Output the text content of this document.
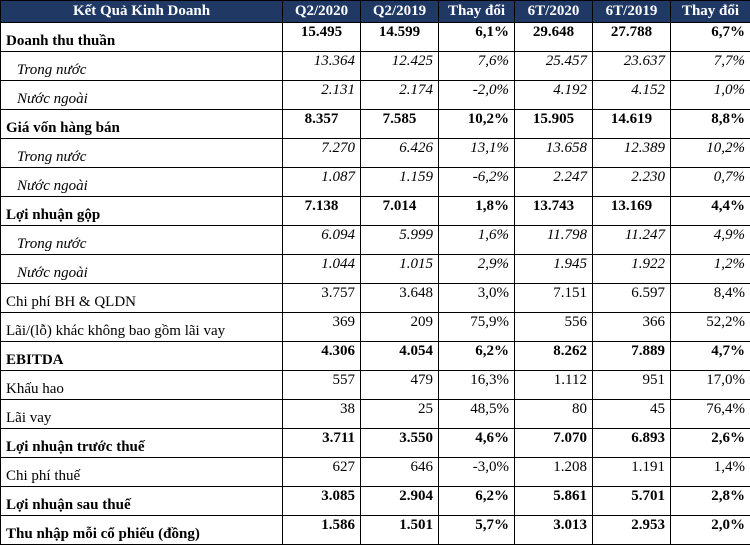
Kết Quả Kinh Doanh	Q2/2020	Q2/2019	Thay đổi	6T/2020	6T/2019	Thay đổi
Doanh thu thuần	15.495	14.599	6,1%	29.648	27.788	6,7%
Trong nước	13.364	12.425	7,6%	25.457	23.637	7,7%
Nước ngoài	2.131	2.174	-2,0%	4.192	4.152	1,0%
Giá vốn hàng bán	8.357	7.585	10,2%	15.905	14.619	8,8%
Trong nước	7.270	6.426	13,1%	13.658	12.389	10,2%
Nước ngoài	1.087	1.159	-6,2%	2.247	2.230	0,7%
Lợi nhuận gộp	7.138	7.014	1,8%	13.743	13.169	4,4%
Trong nước	6.094	5.999	1,6%	11.798	11.247	4,9%
Nước ngoài	1.044	1.015	2,9%	1.945	1.922	1,2%
Chi phí BH & QLDN	3.757	3.648	3,0%	7.151	6.597	8,4%
Lãi/(lỗ) khác không bao gồm lãi vay	369	209	75,9%	556	366	52,2%
EBITDA	4.306	4.054	6,2%	8.262	7.889	4,7%
Khấu hao	557	479	16,3%	1.112	951	17,0%
Lãi vay	38	25	48,5%	80	45	76,4%
Lợi nhuận trước thuế	3.711	3.550	4,6%	7.070	6.893	2,6%
Chi phí thuế	627	646	-3,0%	1.208	1.191	1,4%
Lợi nhuận sau thuế	3.085	2.904	6,2%	5.861	5.701	2,8%
Thu nhập mỗi cổ phiếu (đồng)	1.586	1.501	5,7%	3.013	2.953	2,0%
